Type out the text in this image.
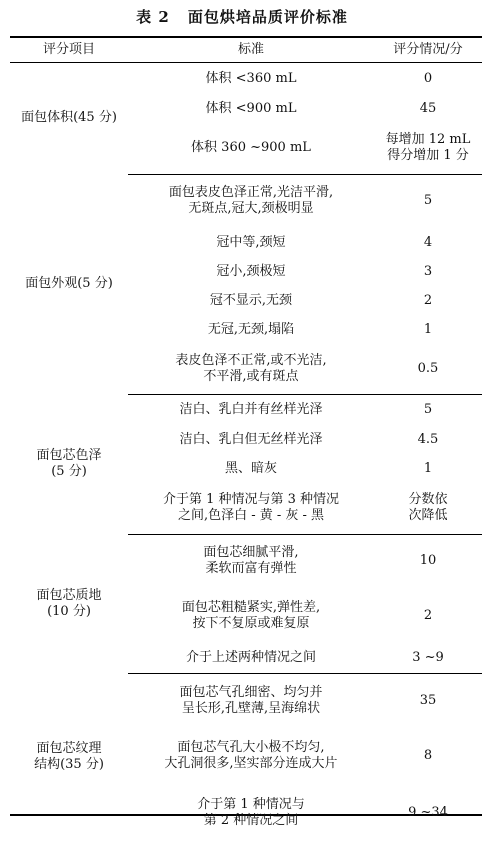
表 2 面包烘培品质评价标准
评分项目	标准	评分情况/分
面包体积(45 分)	体积 <360 mL	0
	体积 <900 mL	45
	体积 360 ~900 mL	每增加 12 mL
得分增加 1 分
面包外观(5 分)	面包表皮色泽正常,光洁平滑,
无斑点,冠大,颈极明显	5
	冠中等,颈短	4
	冠小,颈极短	3
	冠不显示,无颈	2
	无冠,无颈,塌陷	1
	表皮色泽不正常,或不光洁,
不平滑,或有斑点	0.5
面包芯色泽
(5 分)	洁白、乳白并有丝样光泽	5
	洁白、乳白但无丝样光泽	4.5
	黑、暗灰	1
	介于第 1 种情况与第 3 种情况
之间,色泽白 - 黄 - 灰 - 黑	分数依
次降低
面包芯质地
(10 分)	面包芯细腻平滑,
柔软而富有弹性	10
	面包芯粗糙紧实,弹性差,
按下不复原或难复原	2
	介于上述两种情况之间	3 ~9
面包芯纹理
结构(35 分)	面包芯气孔细密、均匀并
呈长形,孔壁薄,呈海绵状	35
	面包芯气孔大小极不均匀,
大孔洞很多,坚实部分连成大片	8
	介于第 1 种情况与
第 2 种情况之间	9 ~34
